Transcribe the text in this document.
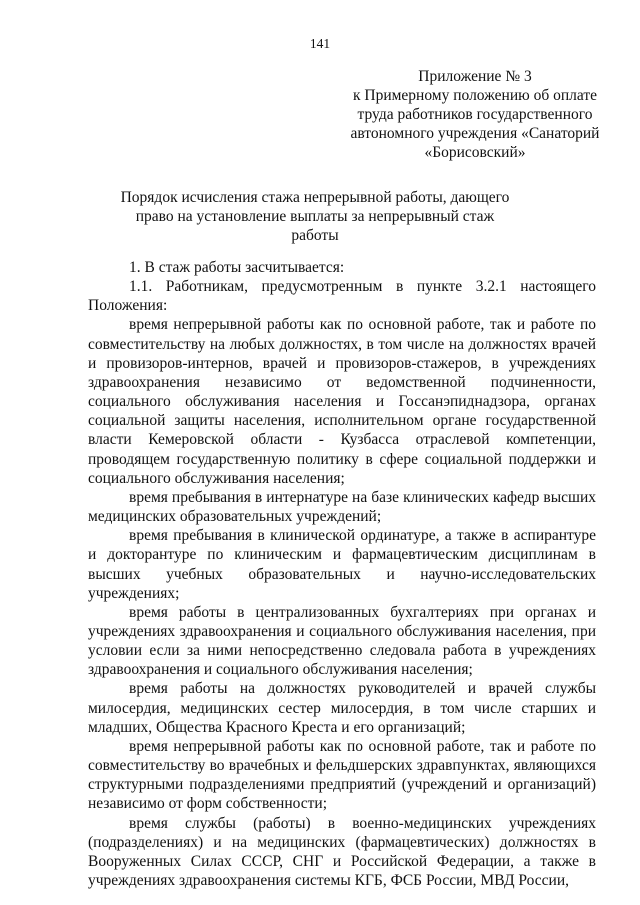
141
Приложение № 3
к Примерному положению об оплате
труда работников государственного
автономного учреждения «Санаторий
«Борисовский»
Порядок исчисления стажа непрерывной работы, дающего
право на установление выплаты за непрерывный стаж
работы

1. В стаж работы засчитывается:

1.1. Работникам, предусмотренным в пункте 3.2.1 настоящего Положения:

время непрерывной работы как по основной работе, так и работе по совместительству на любых должностях, в том числе на должностях врачей и провизоров-интернов, врачей и провизоров-стажеров, в учреждениях здравоохранения независимо от ведомственной подчиненности, социального обслуживания населения и Госсанэпиднадзора, органах социальной защиты населения, исполнительном органе государственной власти Кемеровской области - Кузбасса отраслевой компетенции, проводящем государственную политику в сфере социальной поддержки и социального обслуживания населения;

время пребывания в интернатуре на базе клинических кафедр высших медицинских образовательных учреждений;

время пребывания в клинической ординатуре, а также в аспирантуре и докторантуре по клиническим и фармацевтическим дисциплинам в высших учебных образовательных и научно-исследовательских учреждениях;

время работы в централизованных бухгалтериях при органах и учреждениях здравоохранения и социального обслуживания населения, при условии если за ними непосредственно следовала работа в учреждениях здравоохранения и социального обслуживания населения;

время работы на должностях руководителей и врачей службы милосердия, медицинских сестер милосердия, в том числе старших и младших, Общества Красного Креста и его организаций;

время непрерывной работы как по основной работе, так и работе по совместительству во врачебных и фельдшерских здравпунктах, являющихся структурными подразделениями предприятий (учреждений и организаций) независимо от форм собственности;

время службы (работы) в военно-медицинских учреждениях (подразделениях) и на медицинских (фармацевтических) должностях в Вооруженных Силах СССР, СНГ и Российской Федерации, а также в учреждениях здравоохранения системы КГБ, ФСБ России, МВД России,
